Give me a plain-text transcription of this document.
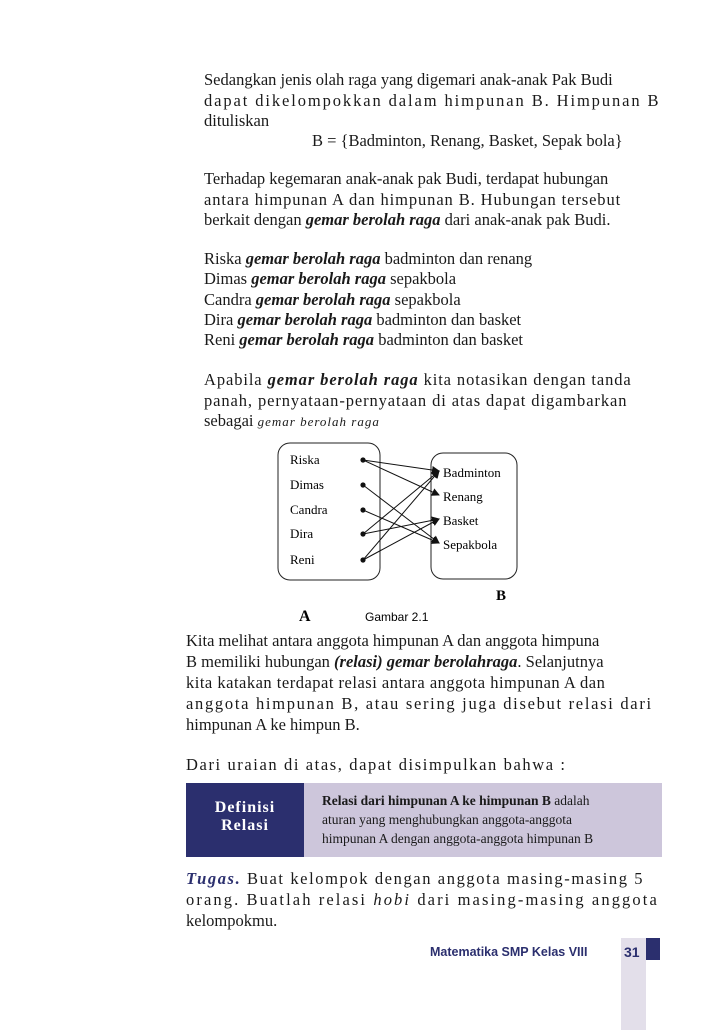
Sedangkan jenis olah raga yang digemari anak-anak Pak Budi
dapat dikelompokkan dalam himpunan B. Himpunan B
dituliskan
B = {Badminton, Renang, Basket, Sepak bola}
Terhadap kegemaran anak-anak pak Budi, terdapat hubungan
antara himpunan A dan himpunan B. Hubungan tersebut
berkait dengan gemar berolah raga dari anak-anak pak Budi.
Riska gemar berolah raga badminton dan renang
Dimas gemar berolah raga sepakbola
Candra gemar berolah raga sepakbola
Dira gemar berolah raga badminton dan basket
Reni gemar berolah raga badminton dan basket
Apabila gemar berolah raga kita notasikan dengan tanda
panah, pernyataan-pernyataan di atas dapat digambarkan
sebagai gemar berolah raga
Riska
Dimas
Candra
Dira
Reni
Badminton
Renang
Basket
Sepakbola
A
B
Gambar 2.1
Kita melihat antara anggota himpunan A dan anggota himpuna
B memiliki hubungan (relasi) gemar berolahraga. Selanjutnya
kita katakan terdapat relasi antara anggota himpunan A dan
anggota himpunan B, atau sering juga disebut relasi dari
himpunan A ke himpun B.
Dari uraian di atas, dapat disimpulkan bahwa :
Definisi
Relasi
Relasi dari himpunan A ke himpunan B adalah
aturan yang menghubungkan anggota-anggota
himpunan A dengan anggota-anggota himpunan B
Tugas. Buat kelompok dengan anggota masing-masing 5
orang. Buatlah relasi hobi dari masing-masing anggota
kelompokmu.
Matematika SMP Kelas VIII	31
